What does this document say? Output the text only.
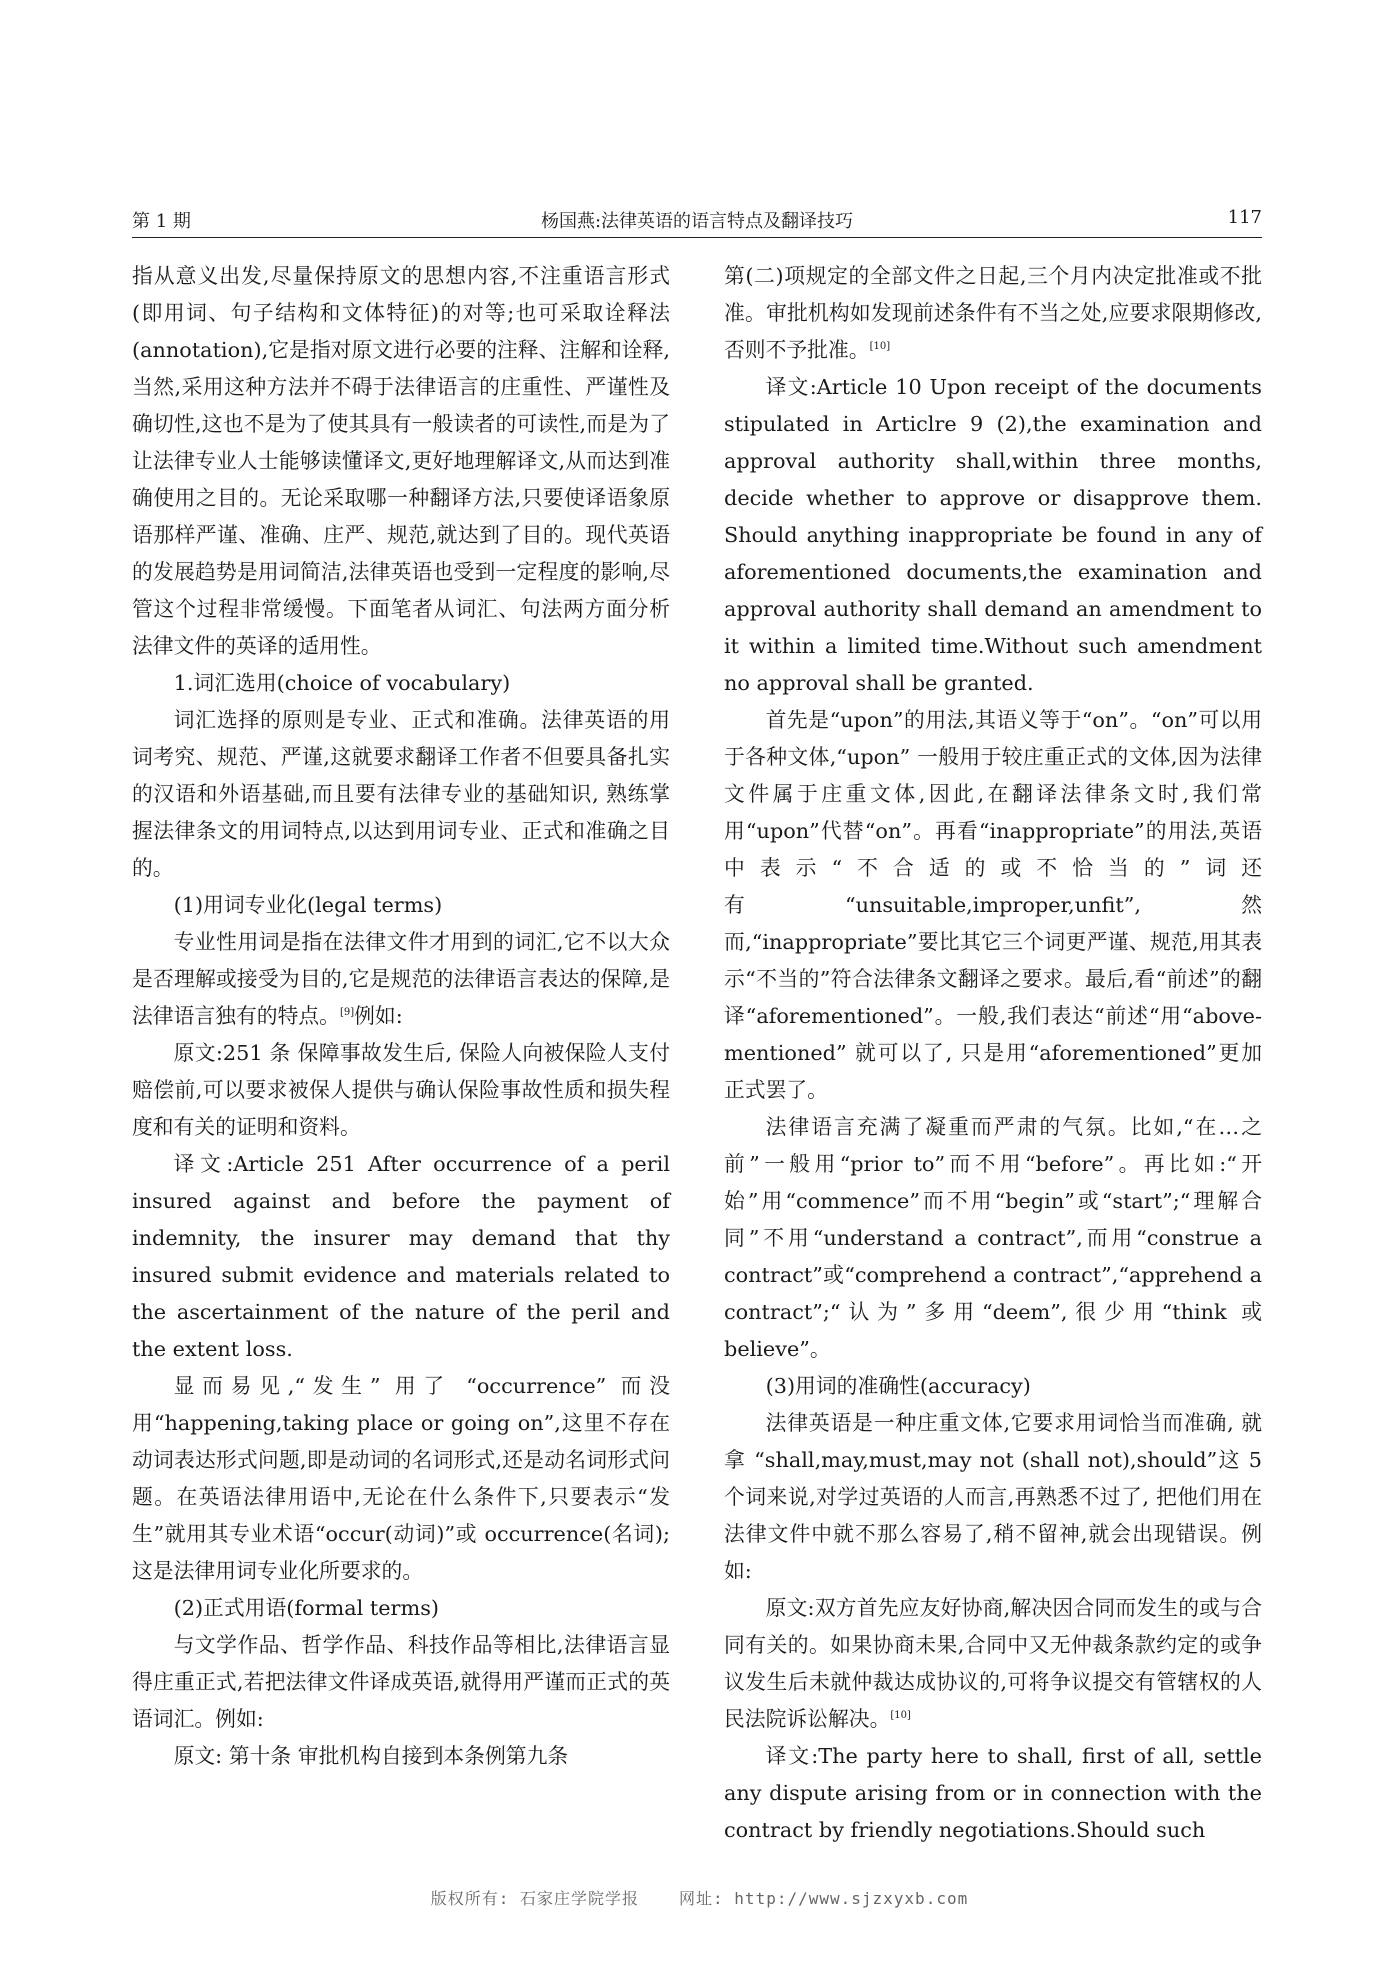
第 1 期	杨国燕:法律英语的语言特点及翻译技巧	117

指从意义出发,尽量保持原文的思想内容,不注重语言形式(即用词、句子结构和文体特征)的对等;也可采取诠释法(annotation),它是指对原文进行必要的注释、注解和诠释,当然,采用这种方法并不碍于法律语言的庄重性、严谨性及确切性,这也不是为了使其具有一般读者的可读性,而是为了让法律专业人士能够读懂译文,更好地理解译文,从而达到准确使用之目的。无论采取哪一种翻译方法,只要使译语象原语那样严谨、准确、庄严、规范,就达到了目的。现代英语的发展趋势是用词简洁,法律英语也受到一定程度的影响,尽管这个过程非常缓慢。下面笔者从词汇、句法两方面分析法律文件的英译的适用性。

1.词汇选用(choice of vocabulary)

词汇选择的原则是专业、正式和准确。法律英语的用词考究、规范、严谨,这就要求翻译工作者不但要具备扎实的汉语和外语基础,而且要有法律专业的基础知识, 熟练掌握法律条文的用词特点,以达到用词专业、正式和准确之目的。

(1)用词专业化(legal terms)

专业性用词是指在法律文件才用到的词汇,它不以大众是否理解或接受为目的,它是规范的法律语言表达的保障,是法律语言独有的特点。[9]例如:

原文:251 条 保障事故发生后, 保险人向被保险人支付赔偿前,可以要求被保人提供与确认保险事故性质和损失程度和有关的证明和资料。

译文:Article 251 After occurrence of a peril insured against and before the payment of indemnity, the insurer may demand that thy insured submit evidence and materials related to the ascertainment of the nature of the peril and the extent loss.

显而易见,“发生” 用了 “occurrence” 而没用“happening,taking place or going on”,这里不存在动词表达形式问题,即是动词的名词形式,还是动名词形式问题。在英语法律用语中,无论在什么条件下,只要表示“发生”就用其专业术语“occur(动词)”或 occurrence(名词);这是法律用词专业化所要求的。

(2)正式用语(formal terms)

与文学作品、哲学作品、科技作品等相比,法律语言显得庄重正式,若把法律文件译成英语,就得用严谨而正式的英语词汇。例如:

原文: 第十条 审批机构自接到本条例第九条

第(二)项规定的全部文件之日起,三个月内决定批准或不批准。审批机构如发现前述条件有不当之处,应要求限期修改,否则不予批准。[10]

译文:Article 10 Upon receipt of the documents stipulated in Articlre 9 (2),the examination and approval authority shall,within three months, decide whether to approve or disapprove them. Should anything inappropriate be found in any of aforementioned documents,the examination and approval authority shall demand an amendment to it within a limited time.Without such amendment no approval shall be granted.

首先是“upon”的用法,其语义等于“on”。“on”可以用于各种文体,“upon” 一般用于较庄重正式的文体,因为法律文件属于庄重文体,因此,在翻译法律条文时,我们常用“upon”代替“on”。再看“inappropriate”的用法,英语中表示“不合适的或不恰当的”词还有“unsuitable,improper,unfit”,然而,“inappropriate”要比其它三个词更严谨、规范,用其表示“不当的”符合法律条文翻译之要求。最后,看“前述”的翻译“aforementioned”。一般,我们表达“前述“用“above-mentioned” 就可以了, 只是用“aforementioned”更加正式罢了。

法律语言充满了凝重而严肃的气氛。比如,“在…之前”一般用“prior to”而不用“before”。再比如:“开始”用“commence”而不用“begin”或“start”;“理解合同”不用“understand a contract”,而用“construe a contract”或“comprehend a contract”,“apprehend a contract”;“认为”多用“deem”,很少用“think 或 believe”。

(3)用词的准确性(accuracy)

法律英语是一种庄重文体,它要求用词恰当而准确, 就拿 “shall,may,must,may not (shall not),should”这 5 个词来说,对学过英语的人而言,再熟悉不过了, 把他们用在法律文件中就不那么容易了,稍不留神,就会出现错误。例如:

原文:双方首先应友好协商,解决因合同而发生的或与合同有关的。如果协商未果,合同中又无仲裁条款约定的或争议发生后未就仲裁达成协议的,可将争议提交有管辖权的人民法院诉讼解决。[10]

译文:The party here to shall, first of all, settle any dispute arising from or in connection with the contract by friendly negotiations.Should such

版权所有: 石家庄学院学报	网址: http://www.sjzxyxb.com
